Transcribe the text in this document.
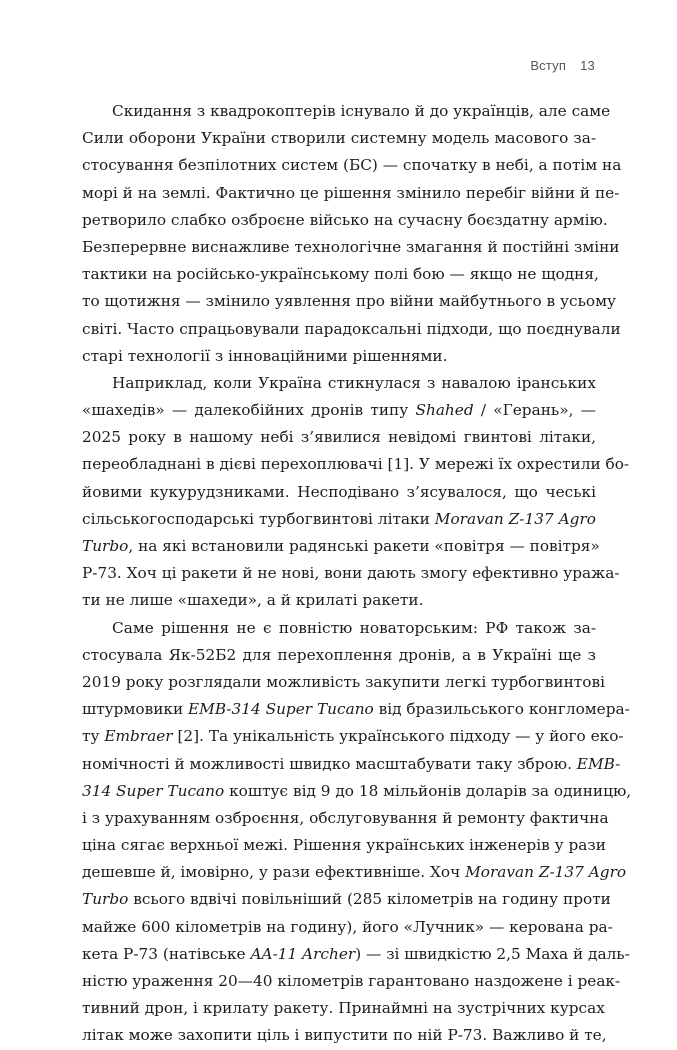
Вступ 13
Скидання з квадрокоптерів існувало й до українців, але саме
Сили оборони України створили системну модель масового за-
стосування безпілотних систем (БС) — спочатку в небі, а потім на
морі й на землі. Фактично це рішення змінило перебіг війни й пе-
ретворило слабко озброєне військо на сучасну боєздатну армію.
Безперервне виснажливе технологічне змагання й постійні зміни
тактики на російсько-українському полі бою — якщо не щодня,
то щотижня — змінило уявлення про війни майбутнього в усьому
світі. Часто спрацьовували парадоксальні підходи, що поєднували
старі технології з інноваційними рішеннями.
Наприклад, коли Україна стикнулася з навалою іранських
«шахедів» — далекобійних дронів типу Shahed / «Герань», —
2025 року в нашому небі з’явилися невідомі гвинтові літаки,
переобладнані в дієві перехоплювачі [1]. У мережі їх охрестили бо-
йовими кукурудзниками. Несподівано з’ясувалося, що чеські
сільськогосподарські турбогвинтові літаки Moravan Z-137 Agro
Turbo, на які встановили радянські ракети «повітря — повітря»
Р-73. Хоч ці ракети й не нові, вони дають змогу ефективно уража-
ти не лише «шахеди», а й крилаті ракети.
Саме рішення не є повністю новаторським: РФ також за-
стосувала Як-52Б2 для перехоплення дронів, а в Україні ще з
2019 року розглядали можливість закупити легкі турбогвинтові
штурмовики EMB-314 Super Tucano від бразильського конгломера-
ту Embraer [2]. Та унікальність українського підходу — у його еко-
номічності й можливості швидко масштабувати таку зброю. EMB-
314 Super Tucano коштує від 9 до 18 мільйонів доларів за одиницю,
і з урахуванням озброєння, обслуговування й ремонту фактична
ціна сягає верхньої межі. Рішення українських інженерів у рази
дешевше й, імовірно, у рази ефективніше. Хоч Moravan Z-137 Agro
Turbo всього вдвічі повільніший (285 кілометрів на годину проти
майже 600 кілометрів на годину), його «Лучник» — керована ра-
кета Р-73 (натівське AA-11 Archer) — зі швидкістю 2,5 Маха й даль-
ністю ураження 20—40 кілометрів гарантовано наздожене і реак-
тивний дрон, і крилату ракету. Принаймні на зустрічних курсах
літак може захопити ціль і випустити по ній Р-73. Важливо й те,
